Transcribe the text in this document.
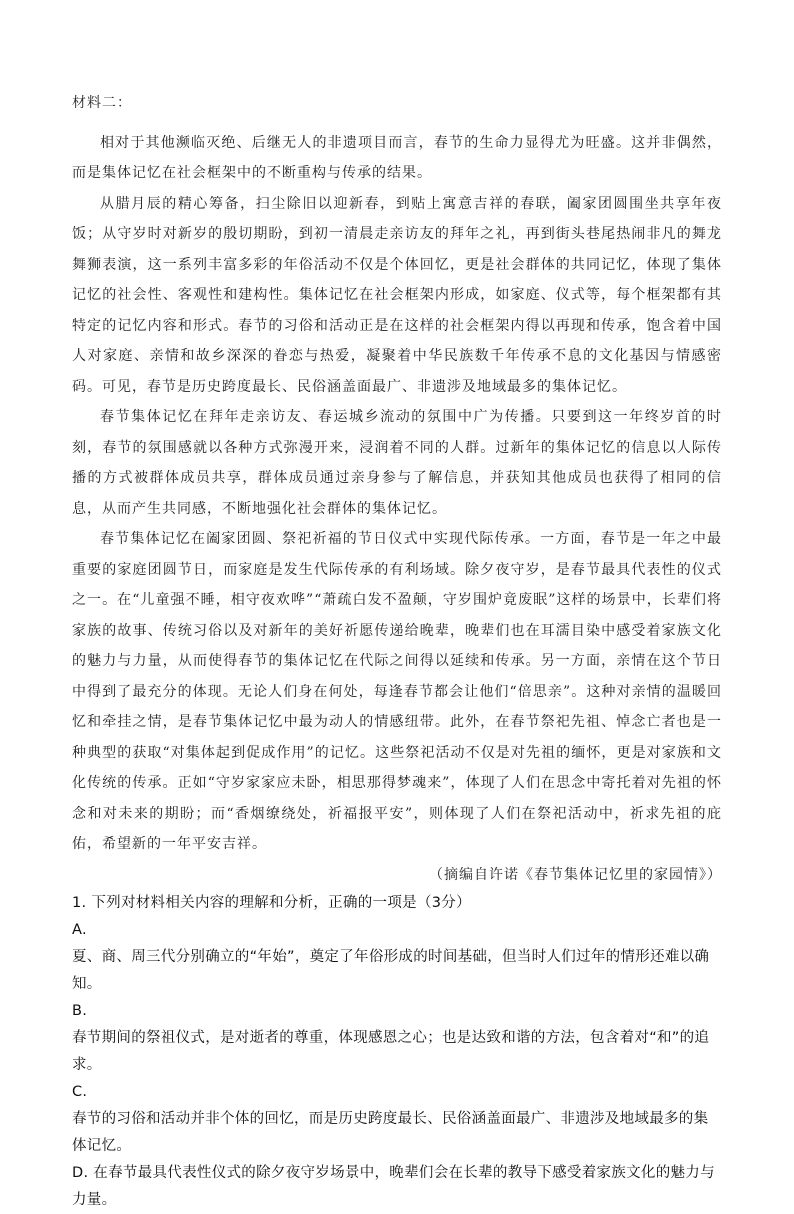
材料二：

相对于其他濒临灭绝、后继无人的非遗项目而言，春节的生命力显得尤为旺盛。这并非偶然，而是集体记忆在社会框架中的不断重构与传承的结果。

从腊月辰的精心筹备，扫尘除旧以迎新春，到贴上寓意吉祥的春联，阖家团圆围坐共享年夜饭；从守岁时对新岁的殷切期盼，到初一清晨走亲访友的拜年之礼，再到街头巷尾热闹非凡的舞龙舞狮表演，这一系列丰富多彩的年俗活动不仅是个体回忆，更是社会群体的共同记忆，体现了集体记忆的社会性、客观性和建构性。集体记忆在社会框架内形成，如家庭、仪式等，每个框架都有其特定的记忆内容和形式。春节的习俗和活动正是在这样的社会框架内得以再现和传承，饱含着中国人对家庭、亲情和故乡深深的眷恋与热爱，凝聚着中华民族数千年传承不息的文化基因与情感密码。可见，春节是历史跨度最长、民俗涵盖面最广、非遗涉及地域最多的集体记忆。

春节集体记忆在拜年走亲访友、春运城乡流动的氛围中广为传播。只要到这一年终岁首的时刻，春节的氛围感就以各种方式弥漫开来，浸润着不同的人群。过新年的集体记忆的信息以人际传播的方式被群体成员共享，群体成员通过亲身参与了解信息，并获知其他成员也获得了相同的信息，从而产生共同感，不断地强化社会群体的集体记忆。

春节集体记忆在阖家团圆、祭祀祈福的节日仪式中实现代际传承。一方面，春节是一年之中最重要的家庭团圆节日，而家庭是发生代际传承的有利场域。除夕夜守岁，是春节最具代表性的仪式之一。在“儿童强不睡，相守夜欢哗”“萧疏白发不盈颠，守岁围炉竟废眠”这样的场景中，长辈们将家族的故事、传统习俗以及对新年的美好祈愿传递给晚辈，晚辈们也在耳濡目染中感受着家族文化的魅力与力量，从而使得春节的集体记忆在代际之间得以延续和传承。另一方面，亲情在这个节日中得到了最充分的体现。无论人们身在何处，每逢春节都会让他们“倍思亲”。这种对亲情的温暖回忆和牵挂之情，是春节集体记忆中最为动人的情感纽带。此外，在春节祭祀先祖、悼念亡者也是一种典型的获取“对集体起到促成作用”的记忆。这些祭祀活动不仅是对先祖的缅怀，更是对家族和文化传统的传承。正如“守岁家家应未卧，相思那得梦魂来”，体现了人们在思念中寄托着对先祖的怀念和对未来的期盼；而“香烟缭绕处，祈福报平安”，则体现了人们在祭祀活动中，祈求先祖的庇佑，希望新的一年平安吉祥。

（摘编自许诺《春节集体记忆里的家园情》）

1. 下列对材料相关内容的理解和分析，正确的一项是（3分）

A.

夏、商、周三代分别确立的“年始”，奠定了年俗形成的时间基础，但当时人们过年的情形还难以确知。

B.

春节期间的祭祖仪式，是对逝者的尊重，体现感恩之心；也是达致和谐的方法，包含着对“和”的追求。

C.

春节的习俗和活动并非个体的回忆，而是历史跨度最长、民俗涵盖面最广、非遗涉及地域最多的集体记忆。

D. 在春节最具代表性仪式的除夕夜守岁场景中，晚辈们会在长辈的教导下感受着家族文化的魅力与力量。
